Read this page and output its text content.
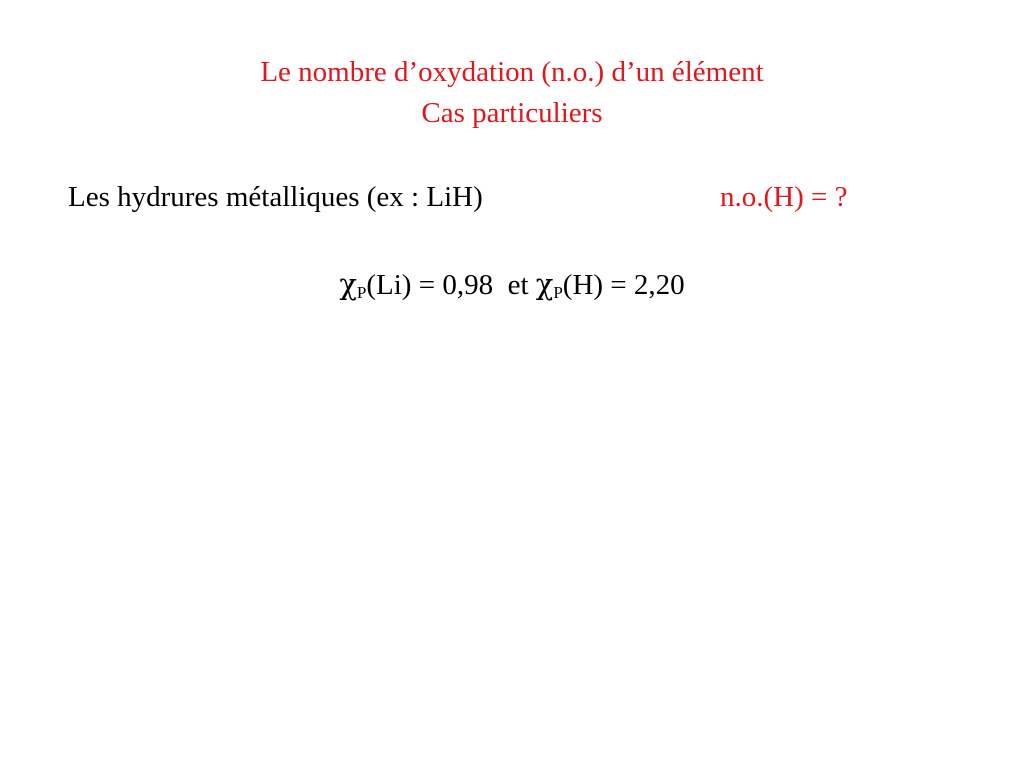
Le nombre d’oxydation (n.o.) d’un élément
Cas particuliers
Les hydrures métalliques (ex : LiH)	n.o.(H) = ?
$\chi_P(Li) = 0,98$  et $\chi_P(H) = 2,20$
